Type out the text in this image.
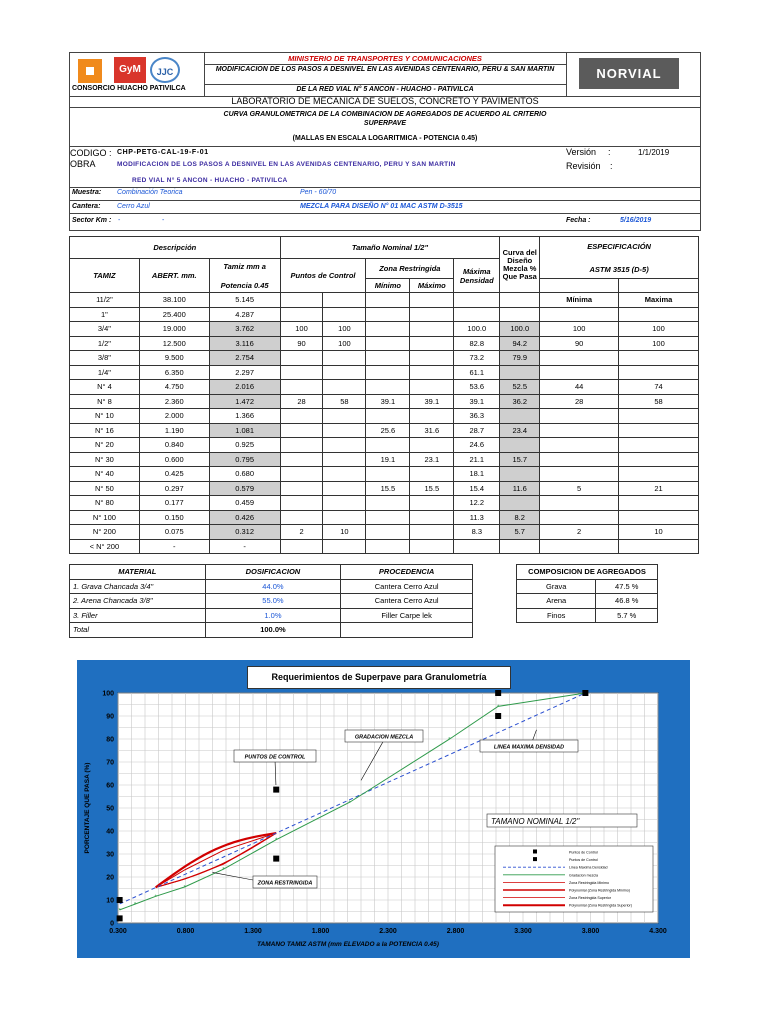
GyM	JJC
CONSORCIO HUACHO PATIVILCA
MINISTERIO DE TRANSPORTES Y COMUNICACIONES
MODIFICACION DE LOS PASOS A DESNIVEL EN LAS AVENIDAS CENTENARIO, PERU & SAN MARTIN
DE LA RED VIAL N° 5 ANCON - HUACHO - PATIVILCA
NORVIAL
LABORATORIO DE MECANICA DE SUELOS, CONCRETO Y PAVIMENTOS
CURVA GRANULOMETRICA DE LA COMBINACION DE AGREGADOS DE ACUERDO AL CRITERIO SUPERPAVE
(MALLAS EN ESCALA LOGARITMICA - POTENCIA 0.45)
CODIGO : CHP-PETG-CAL-19-F-01	Versión :	1/1/2019
OBRA	MODIFICACION DE LOS PASOS A DESNIVEL EN LAS AVENIDAS CENTENARIO, PERU Y SAN MARTIN
RED VIAL N° 5 ANCON - HUACHO - PATIVILCA
Revisión :
Muestra: Combinación Teorica	Pen - 60/70
Cantera: Cerro Azul	MEZCLA PARA DISEÑO N° 01 MAC ASTM D-3515
Sector Km : -	-	Fecha :	5/16/2019
Descripción			Tamaño Nominal 1/2"					Curva del Diseño Mezcla % Que Pasa	ESPECIFICACIÓN
ASTM 3515 (D-5)	

TAMIZ	ABERT. mm.	Tamiz mm a
Potencia 0.45	Puntos de Control		Zona Restringida		Máxima Densidad			
					Mínimo	Máximo				
11/2"	38.100	5.145							Mínima	Maxima
1"	25.400	4.287								
3/4"	19.000	3.762	100	100			100.0	100.0	100	100
1/2"	12.500	3.116	90	100			82.8	94.2	90	100
3/8"	9.500	2.754					73.2	79.9		
1/4"	6.350	2.297					61.1			
N° 4	4.750	2.016					53.6	52.5	44	74
N° 8	2.360	1.472	28	58	39.1	39.1	39.1	36.2	28	58
N° 10	2.000	1.366					36.3			
N° 16	1.190	1.081			25.6	31.6	28.7	23.4		
N° 20	0.840	0.925					24.6			
N° 30	0.600	0.795			19.1	23.1	21.1	15.7		
N° 40	0.425	0.680					18.1			
N° 50	0.297	0.579			15.5	15.5	15.4	11.6	5	21
N° 80	0.177	0.459					12.2			
N° 100	0.150	0.426					11.3	8.2		
N° 200	0.075	0.312	2	10			8.3	5.7	2	10
< N° 200	-	-								
MATERIAL	DOSIFICACION	PROCEDENCIA
1. Grava Chancada 3/4"	44.0%	Cantera Cerro Azul
2. Arena Chancada 3/8"	55.0%	Cantera Cerro Azul
3. Filler	1.0%	Filler Carpe lek
Total	100.0%	
COMPOSICION DE AGREGADOS	
Grava	47.5 %
Arena	46.8 %
Finos	5.7 %
Requerimientos de Superpave para Granulometría
0.300	0.800	1.300	1.800	2.300	2.800	3.300	3.800	4.300
0
10
20
30
40
50
60
70
80
90
100
TAMANO TAMIZ ASTM (mm ELEVADO a la POTENCIA 0.45)
PORCENTAJE QUE PASA (%)
*
*
*
*
*
*
*
*
*
GRADACION MEZCLA
PUNTOS DE CONTROL
LINEA MAXIMA DENSIDAD
ZONA RESTRINGIDA
TAMANO NOMINAL 1/2"
Puntos de Control
Puntos de Control
Linea Maxima Densidad
Gradacion mezcla
Zona Restringida Minimo
Polynomial (Zona Restringida Minimo)
Zona Restringida Superior
Polynomial (Zona Restringida Superior)
